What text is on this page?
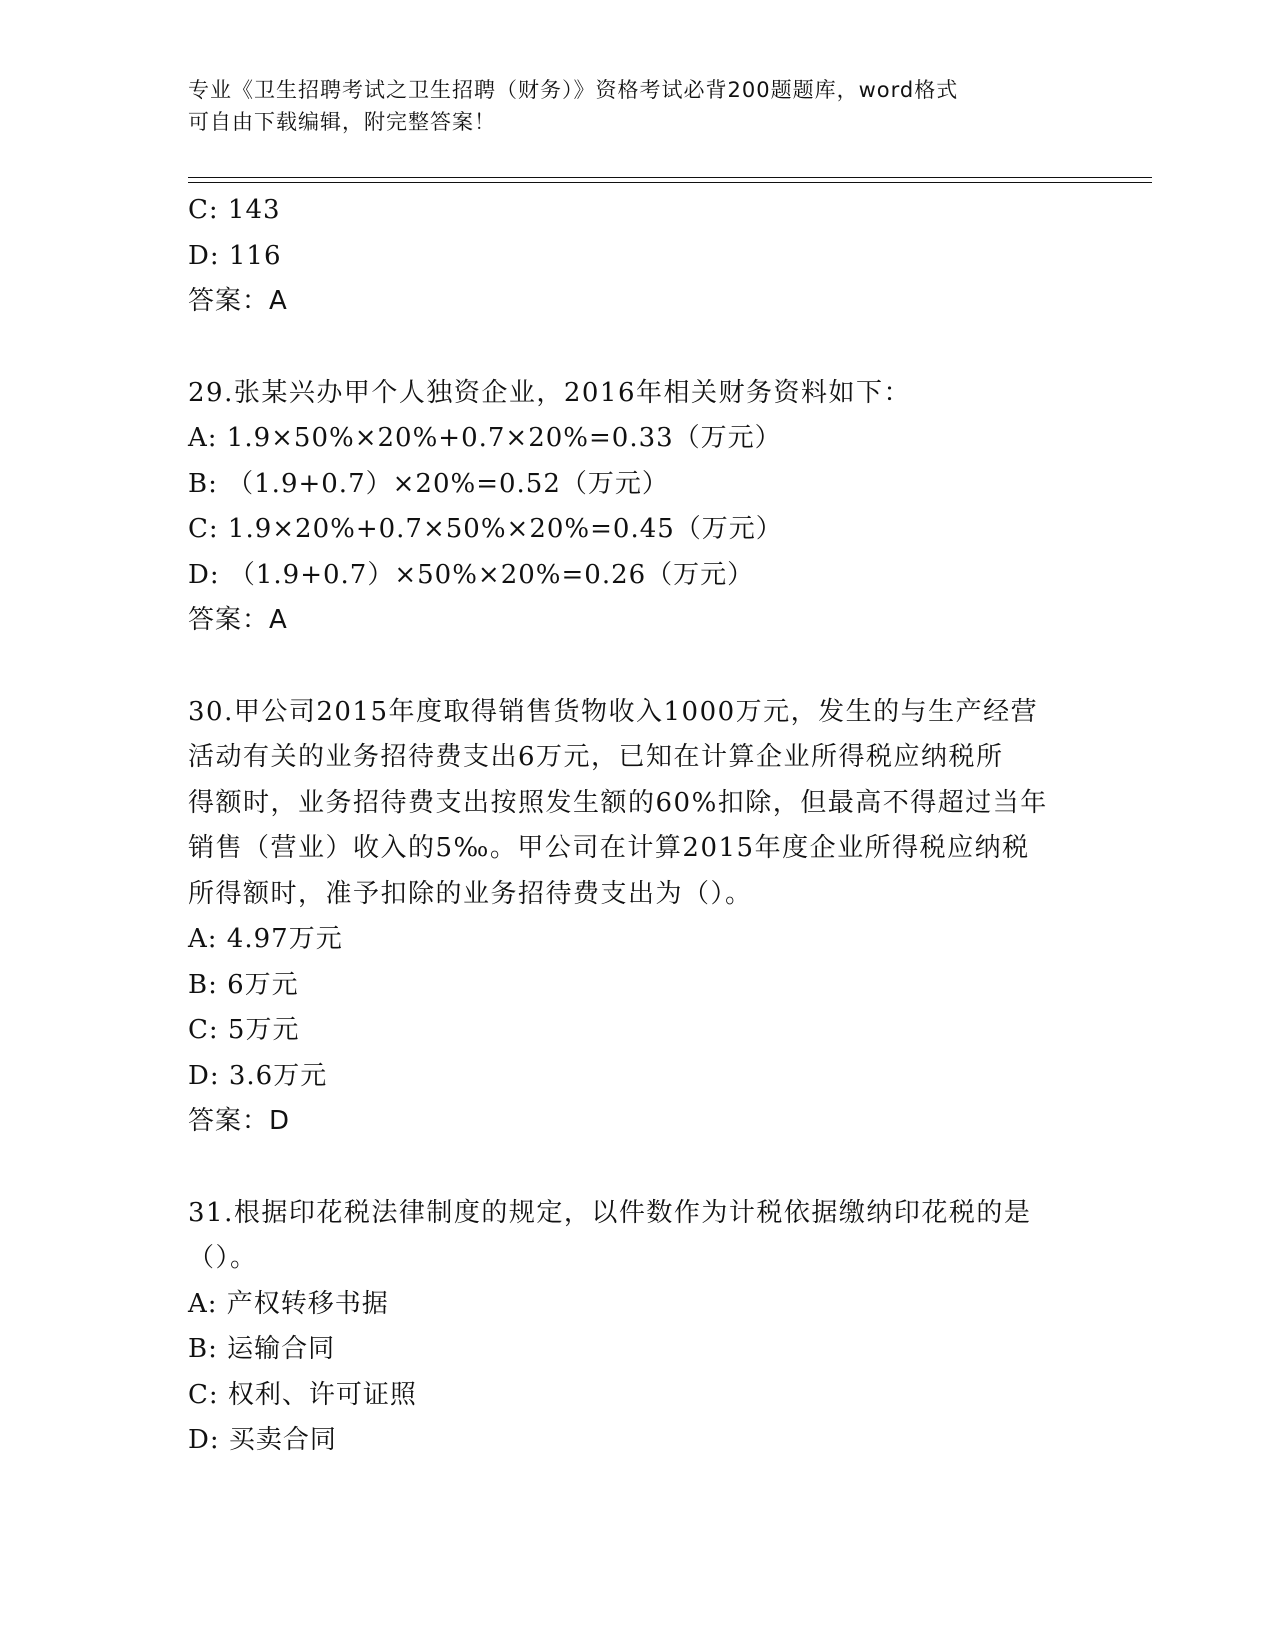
专业《卫生招聘考试之卫生招聘（财务）》资格考试必背200题题库，word格式
可自由下载编辑，附完整答案！
C: 143
D: 116
答案：A
29.张某兴办甲个人独资企业，2016年相关财务资料如下：
A: 1.9×50%×20%+0.7×20%=0.33（万元）
B: （1.9+0.7）×20%=0.52（万元）
C: 1.9×20%+0.7×50%×20%=0.45（万元）
D: （1.9+0.7）×50%×20%=0.26（万元）
答案：A
30.甲公司2015年度取得销售货物收入1000万元，发生的与生产经营
活动有关的业务招待费支出6万元，已知在计算企业所得税应纳税所
得额时，业务招待费支出按照发生额的60%扣除，但最高不得超过当年
销售（营业）收入的5‰。甲公司在计算2015年度企业所得税应纳税
所得额时，准予扣除的业务招待费支出为（）。
A: 4.97万元
B: 6万元
C: 5万元
D: 3.6万元
答案：D
31.根据印花税法律制度的规定，以件数作为计税依据缴纳印花税的是
（）。
A: 产权转移书据
B: 运输合同
C: 权利、许可证照
D: 买卖合同
